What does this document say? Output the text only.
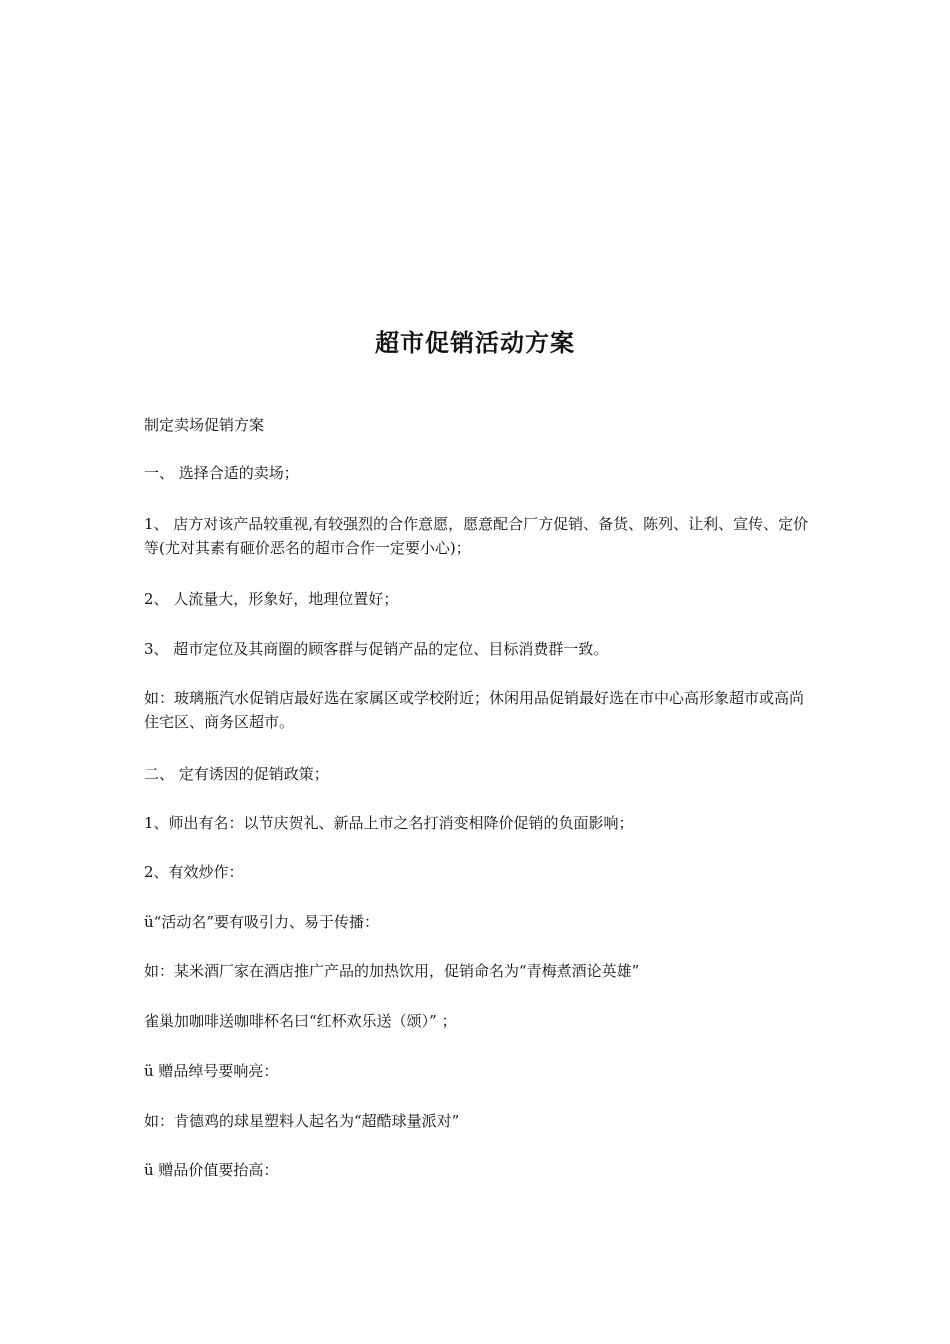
超市促销活动方案

制定卖场促销方案

一、 选择合适的卖场；

1、 店方对该产品较重视,有较强烈的合作意愿，愿意配合厂方促销、备货、陈列、让利、宣传、定价等(尤对其素有砸价恶名的超市合作一定要小心)；

2、 人流量大，形象好，地理位置好；

3、 超市定位及其商圈的顾客群与促销产品的定位、目标消费群一致。

如：玻璃瓶汽水促销店最好选在家属区或学校附近；休闲用品促销最好选在市中心高形象超市或高尚住宅区、商务区超市。

二、 定有诱因的促销政策；

1、师出有名：以节庆贺礼、新品上市之名打消变相降价促销的负面影响；

2、有效炒作：

ü“活动名”要有吸引力、易于传播：

如：某米酒厂家在酒店推广产品的加热饮用，促销命名为“青梅煮酒论英雄”

雀巢加咖啡送咖啡杯名曰“红杯欢乐送（颂）” ；

ü 赠品绰号要响亮：

如：肯德鸡的球星塑料人起名为“超酷球量派对”

ü 赠品价值要抬高：
